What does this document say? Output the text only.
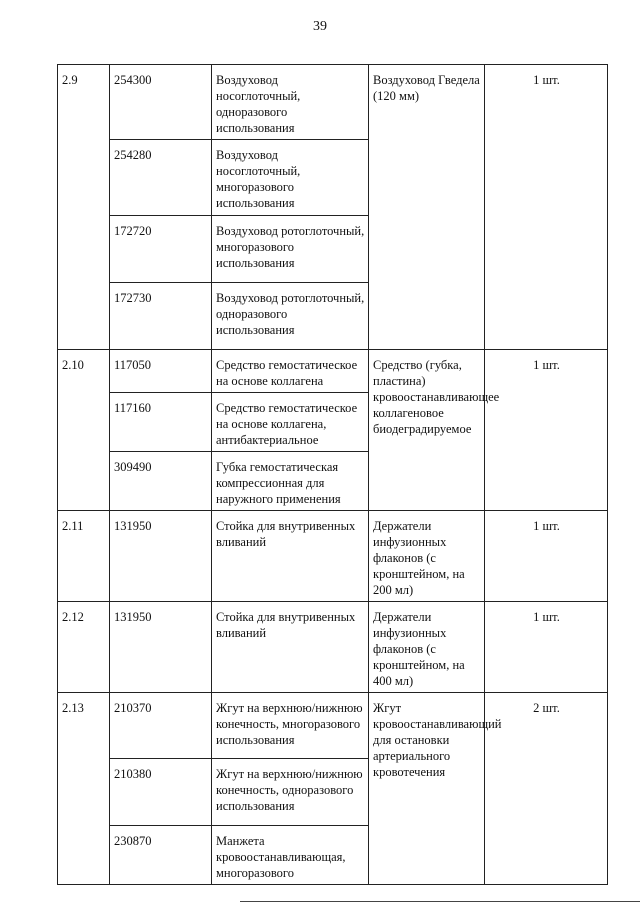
39
2.9	254300	Воздуховод носоглоточный, одноразового использования	Воздуховод Гведела (120 мм)	1 шт.
	254280	Воздуховод носоглоточный, многоразового использования		
	172720	Воздуховод ротоглоточный, многоразового использования		
	172730	Воздуховод ротоглоточный, одноразового использования		
2.10	117050	Средство гемостатическое на основе коллагена	Средство (губка, пластина) кровоостанавливающее коллагеновое биодеградируемое	1 шт.
	117160	Средство гемостатическое на основе коллагена, антибактериальное		
	309490	Губка гемостатическая компрессионная для наружного применения		
2.11	131950	Стойка для внутривенных вливаний	Держатели инфузионных флаконов (с кронштейном, на 200 мл)	1 шт.
2.12	131950	Стойка для внутривенных вливаний	Держатели инфузионных флаконов (с кронштейном, на 400 мл)	1 шт.
2.13	210370	Жгут на верхнюю/нижнюю конечность, многоразового использования	Жгут кровоостанавливающий для остановки артериального кровотечения	2 шт.
	210380	Жгут на верхнюю/нижнюю конечность, одноразового использования		
	230870	Манжета кровоостанавливающая, многоразового		
